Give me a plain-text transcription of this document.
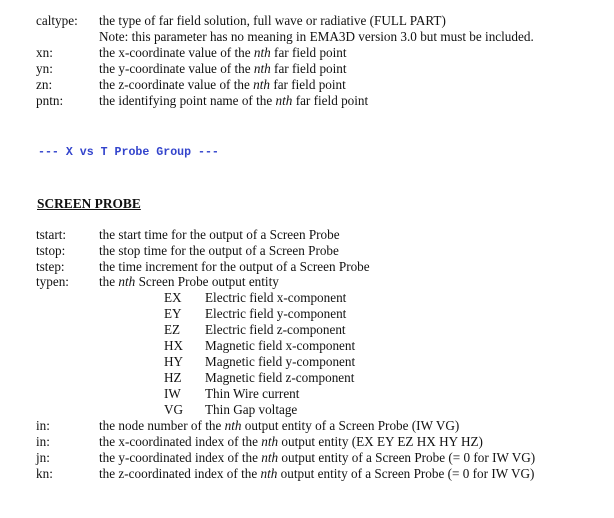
caltype: the type of far field solution, full wave or radiative (FULL PART)
Note: this parameter has no meaning in EMA3D version 3.0 but must be included.
xn:	the x-coordinate value of the nth far field point
yn:	the y-coordinate value of the nth far field point
zn:	the z-coordinate value of the nth far field point
pntn:	the identifying point name of the nth far field point
--- X vs T Probe Group ---
SCREEN PROBE
tstart: the start time for the output of a Screen Probe
tstop:	the stop time for the output of a Screen Probe
tstep:	the time increment for the output of a Screen Probe
typen: the nth Screen Probe output entity
EX Electric field x-component
EY Electric field y-component
EZ Electric field z-component
HX Magnetic field x-component
HY Magnetic field y-component
HZ Magnetic field z-component
IW Thin Wire current
VG Thin Gap voltage
in:	the node number of the nth output entity of a Screen Probe (IW VG)
in:	the x-coordinated index of the nth output entity (EX EY EZ HX HY HZ)
jn:	the y-coordinated index of the nth output entity of a Screen Probe (= 0 for IW VG)
kn:	the z-coordinated index of the nth output entity of a Screen Probe (= 0 for IW VG)
